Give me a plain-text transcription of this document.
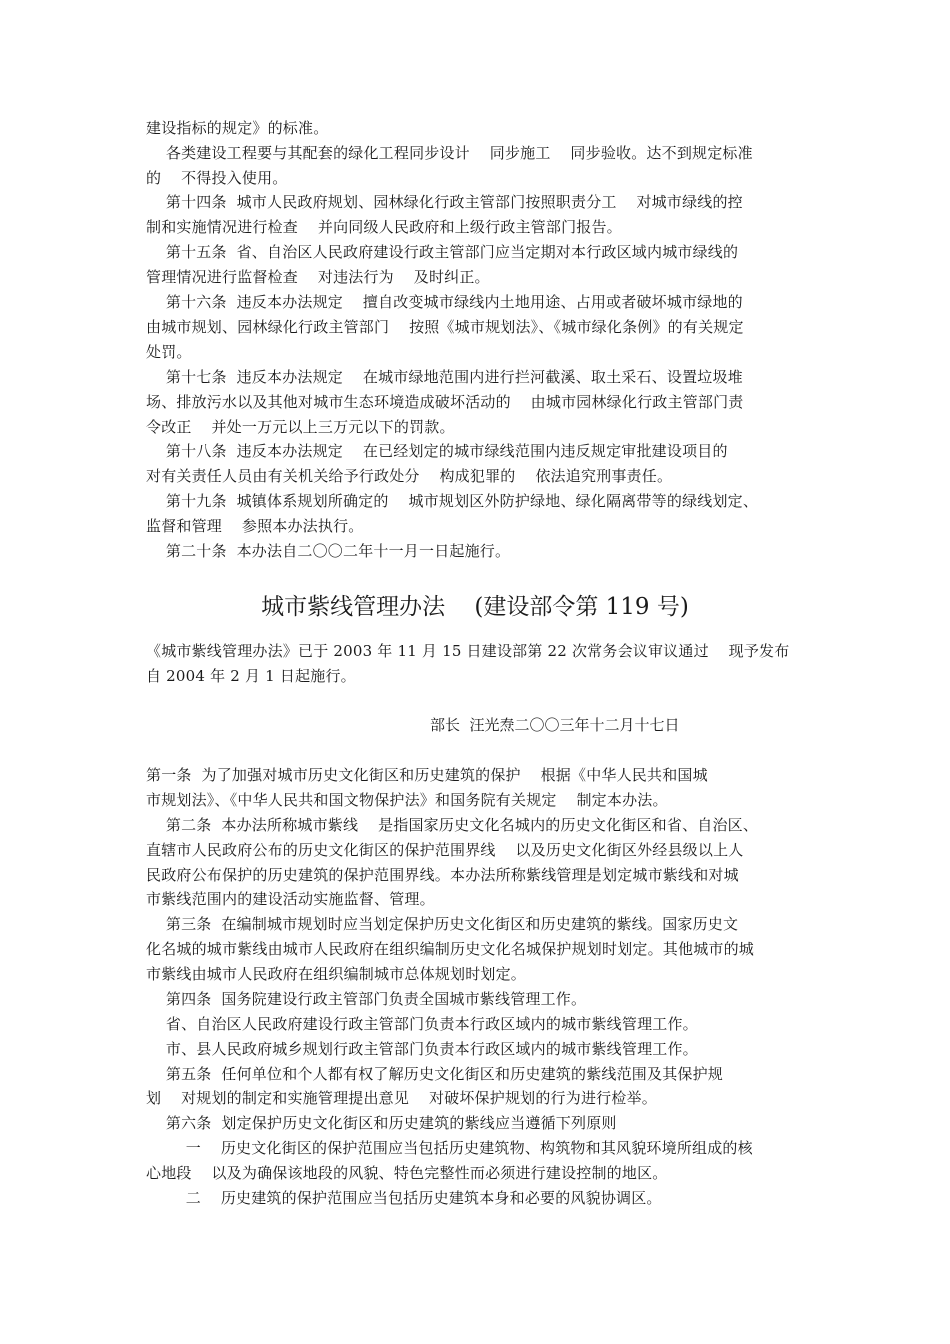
建设指标的规定》的标准。
各类建设工程要与其配套的绿化工程同步设计    同步施工    同步验收。达不到规定标准
的    不得投入使用。
第十四条  城市人民政府规划、园林绿化行政主管部门按照职责分工    对城市绿线的控
制和实施情况进行检查    并向同级人民政府和上级行政主管部门报告。
第十五条  省、自治区人民政府建设行政主管部门应当定期对本行政区域内城市绿线的
管理情况进行监督检查    对违法行为    及时纠正。
第十六条  违反本办法规定    擅自改变城市绿线内土地用途、占用或者破坏城市绿地的
由城市规划、园林绿化行政主管部门    按照《城市规划法》、《城市绿化条例》的有关规定
处罚。
第十七条  违反本办法规定    在城市绿地范围内进行拦河截溪、取土采石、设置垃圾堆
场、排放污水以及其他对城市生态环境造成破坏活动的    由城市园林绿化行政主管部门责
令改正    并处一万元以上三万元以下的罚款。
第十八条  违反本办法规定    在已经划定的城市绿线范围内违反规定审批建设项目的
对有关责任人员由有关机关给予行政处分    构成犯罪的    依法追究刑事责任。
第十九条  城镇体系规划所确定的    城市规划区外防护绿地、绿化隔离带等的绿线划定、
监督和管理    参照本办法执行。
第二十条  本办法自二〇〇二年十一月一日起施行。
城市紫线管理办法    (建设部令第 119 号)
《城市紫线管理办法》已于 2003 年 11 月 15 日建设部第 22 次常务会议审议通过    现予发布
自 2004 年 2 月 1 日起施行。
部长  汪光焘二〇〇三年十二月十七日
第一条  为了加强对城市历史文化街区和历史建筑的保护    根据《中华人民共和国城
市规划法》、《中华人民共和国文物保护法》和国务院有关规定    制定本办法。
第二条  本办法所称城市紫线    是指国家历史文化名城内的历史文化街区和省、自治区、
直辖市人民政府公布的历史文化街区的保护范围界线    以及历史文化街区外经县级以上人
民政府公布保护的历史建筑的保护范围界线。本办法所称紫线管理是划定城市紫线和对城
市紫线范围内的建设活动实施监督、管理。
第三条  在编制城市规划时应当划定保护历史文化街区和历史建筑的紫线。国家历史文
化名城的城市紫线由城市人民政府在组织编制历史文化名城保护规划时划定。其他城市的城
市紫线由城市人民政府在组织编制城市总体规划时划定。
第四条  国务院建设行政主管部门负责全国城市紫线管理工作。
省、自治区人民政府建设行政主管部门负责本行政区域内的城市紫线管理工作。
市、县人民政府城乡规划行政主管部门负责本行政区域内的城市紫线管理工作。
第五条  任何单位和个人都有权了解历史文化街区和历史建筑的紫线范围及其保护规
划    对规划的制定和实施管理提出意见    对破坏保护规划的行为进行检举。
第六条  划定保护历史文化街区和历史建筑的紫线应当遵循下列原则
一    历史文化街区的保护范围应当包括历史建筑物、构筑物和其风貌环境所组成的核
心地段    以及为确保该地段的风貌、特色完整性而必须进行建设控制的地区。
二    历史建筑的保护范围应当包括历史建筑本身和必要的风貌协调区。
